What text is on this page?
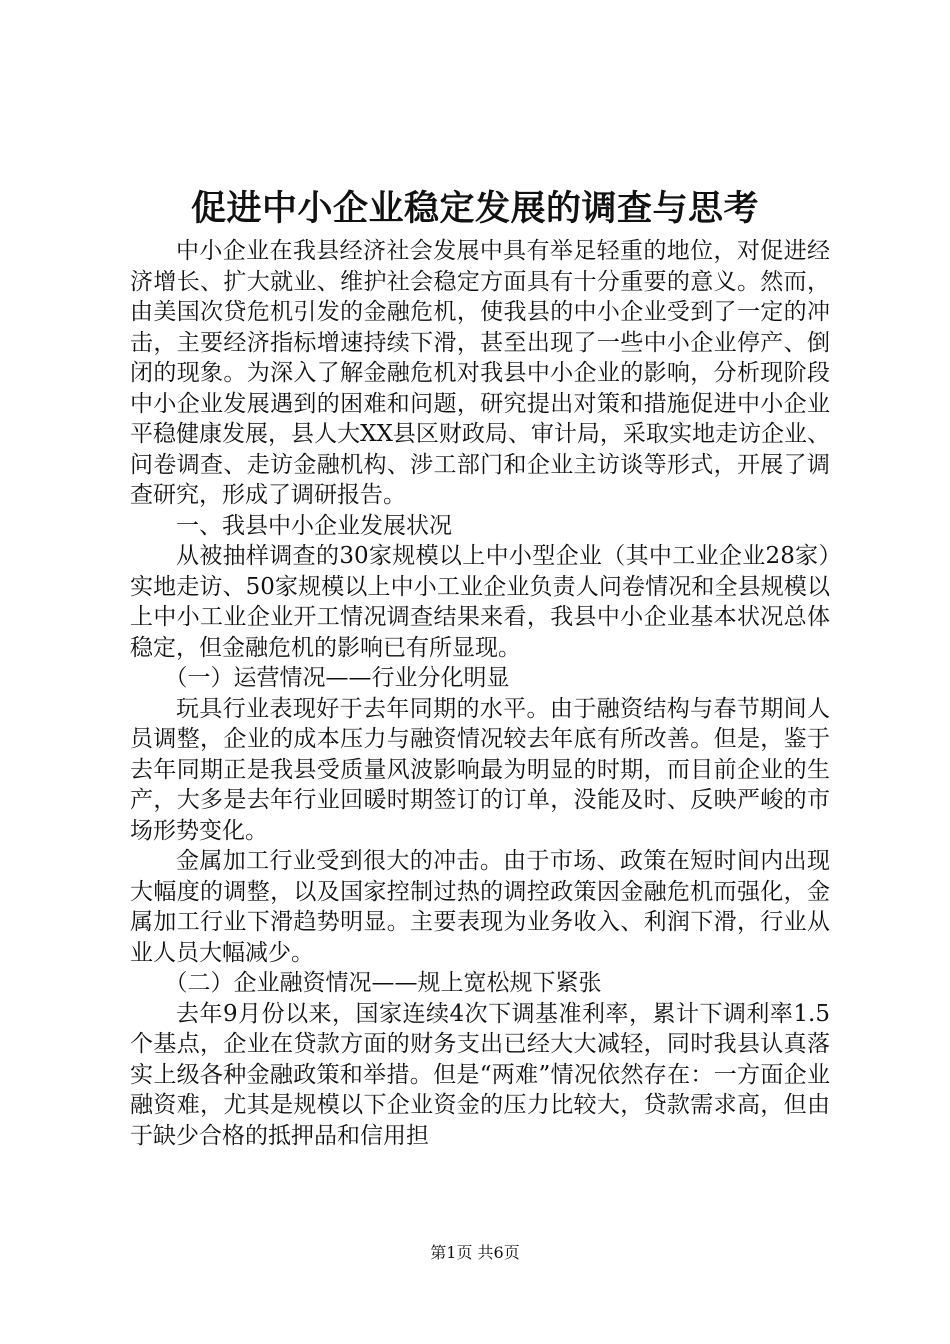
促进中小企业稳定发展的调查与思考

中小企业在我县经济社会发展中具有举足轻重的地位，对促进经济增长、扩大就业、维护社会稳定方面具有十分重要的意义。然而，由美国次贷危机引发的金融危机，使我县的中小企业受到了一定的冲击，主要经济指标增速持续下滑，甚至出现了一些中小企业停产、倒闭的现象。为深入了解金融危机对我县中小企业的影响，分析现阶段中小企业发展遇到的困难和问题，研究提出对策和措施促进中小企业平稳健康发展，县人大XX县区财政局、审计局，采取实地走访企业、问卷调查、走访金融机构、涉工部门和企业主访谈等形式，开展了调查研究，形成了调研报告。

一、我县中小企业发展状况

从被抽样调查的30家规模以上中小型企业（其中工业企业28家）实地走访、50家规模以上中小工业企业负责人问卷情况和全县规模以上中小工业企业开工情况调查结果来看，我县中小企业基本状况总体稳定，但金融危机的影响已有所显现。

（一）运营情况——行业分化明显

玩具行业表现好于去年同期的水平。由于融资结构与春节期间人员调整，企业的成本压力与融资情况较去年底有所改善。但是，鉴于去年同期正是我县受质量风波影响最为明显的时期，而目前企业的生产，大多是去年行业回暖时期签订的订单，没能及时、反映严峻的市场形势变化。

金属加工行业受到很大的冲击。由于市场、政策在短时间内出现大幅度的调整，以及国家控制过热的调控政策因金融危机而强化，金属加工行业下滑趋势明显。主要表现为业务收入、利润下滑，行业从业人员大幅减少。

（二）企业融资情况——规上宽松规下紧张

去年9月份以来，国家连续4次下调基准利率，累计下调利率1.5个基点，企业在贷款方面的财务支出已经大大减轻，同时我县认真落实上级各种金融政策和举措。但是“两难”情况依然存在：一方面企业融资难，尤其是规模以下企业资金的压力比较大，贷款需求高，但由于缺少合格的抵押品和信用担

第1页 共6页
